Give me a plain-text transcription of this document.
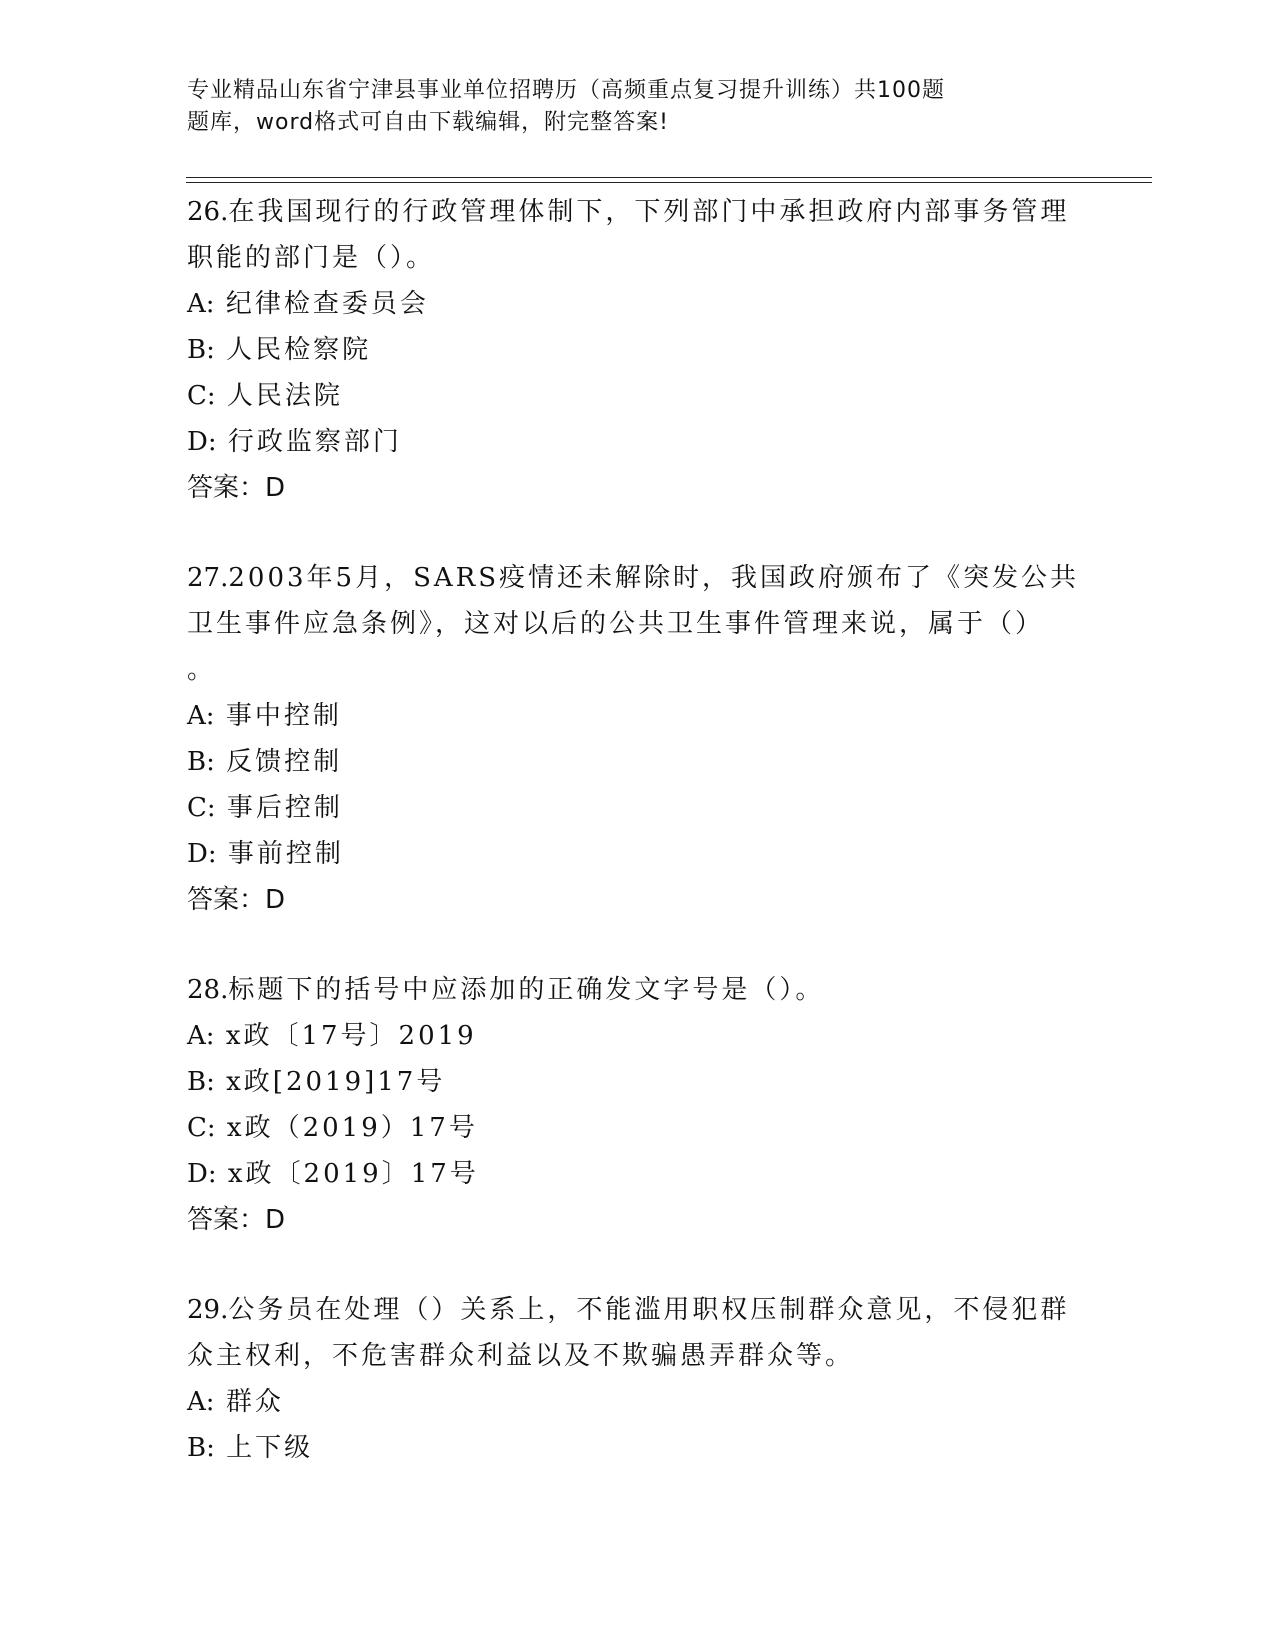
专业精品山东省宁津县事业单位招聘历（高频重点复习提升训练）共100题
题库，word格式可自由下载编辑，附完整答案!
26.在我国现行的行政管理体制下，下列部门中承担政府内部事务管理
职能的部门是（）。
A: 纪律检查委员会
B: 人民检察院
C: 人民法院
D: 行政监察部门
答案：D
27.2003年5月，SARS疫情还未解除时，我国政府颁布了《突发公共
卫生事件应急条例》，这对以后的公共卫生事件管理来说，属于（）
。
A: 事中控制
B: 反馈控制
C: 事后控制
D: 事前控制
答案：D
28.标题下的括号中应添加的正确发文字号是（）。
A: x政〔17号〕2019
B: x政[2019]17号
C: x政（2019）17号
D: x政〔2019〕17号
答案：D
29.公务员在处理（）关系上，不能滥用职权压制群众意见，不侵犯群
众主权利，不危害群众利益以及不欺骗愚弄群众等。
A: 群众
B: 上下级
